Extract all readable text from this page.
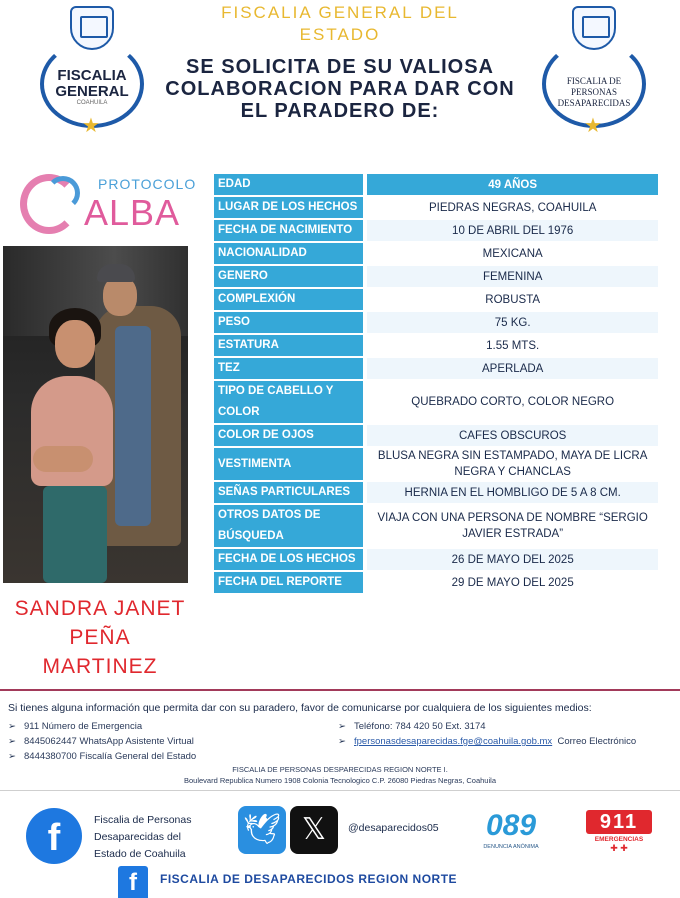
FISCALIA GENERAL
COAHUILA
★
FISCALIA GENERAL DEL ESTADO
SE SOLICITA DE SU VALIOSA COLABORACION PARA DAR CON EL PARADERO DE:
FISCALIA DE PERSONAS DESAPARECIDAS
★
PROTOCOLO
ALBA
SANDRA JANET PEÑA MARTINEZ
EDAD	49 AÑOS
LUGAR DE LOS HECHOS	PIEDRAS NEGRAS, COAHUILA
FECHA DE NACIMIENTO	10 DE ABRIL DEL 1976
NACIONALIDAD	MEXICANA
GENERO	FEMENINA
COMPLEXIÓN	ROBUSTA
PESO	75 KG.
ESTATURA	1.55 MTS.
TEZ	APERLADA
TIPO DE CABELLO Y COLOR	QUEBRADO CORTO, COLOR NEGRO
COLOR DE OJOS	CAFES OBSCUROS
VESTIMENTA	BLUSA NEGRA SIN ESTAMPADO, MAYA DE LICRA NEGRA Y CHANCLAS
SEÑAS PARTICULARES	HERNIA EN EL HOMBLIGO DE 5 A 8 CM.
OTROS DATOS DE BÚSQUEDA	VIAJA CON UNA PERSONA DE NOMBRE “SERGIO JAVIER ESTRADA”
FECHA DE LOS HECHOS	26 DE MAYO DEL 2025
FECHA DEL REPORTE	29 DE MAYO DEL 2025
Si tienes alguna información que permita dar con su paradero, favor de comunicarse por cualquiera de los siguientes medios:
➢ 911 Número de Emergencia
➢ 8445062447 WhatsApp Asistente Virtual
➢ 8444380700 Fiscalía General del Estado
➢ Teléfono: 784 420 50 Ext. 3174
➢ fpersonasdesaparecidas.fge@coahuila.gob.mx Correo Electrónico
FISCALIA DE PERSONAS DESPARECIDAS REGION NORTE I.
Boulevard Republica Numero 1908 Colonia Tecnologico C.P. 26080 Piedras Negras, Coahuila
f	Fiscalia de Personas Desaparecidas del Estado de Coahuila
🕊 𝕏	@desaparecidos05 089
DENUNCIA ANÓNIMA
911
EMERGENCIAS
✚ ✚
f	FISCALIA DE DESAPARECIDOS REGION NORTE
